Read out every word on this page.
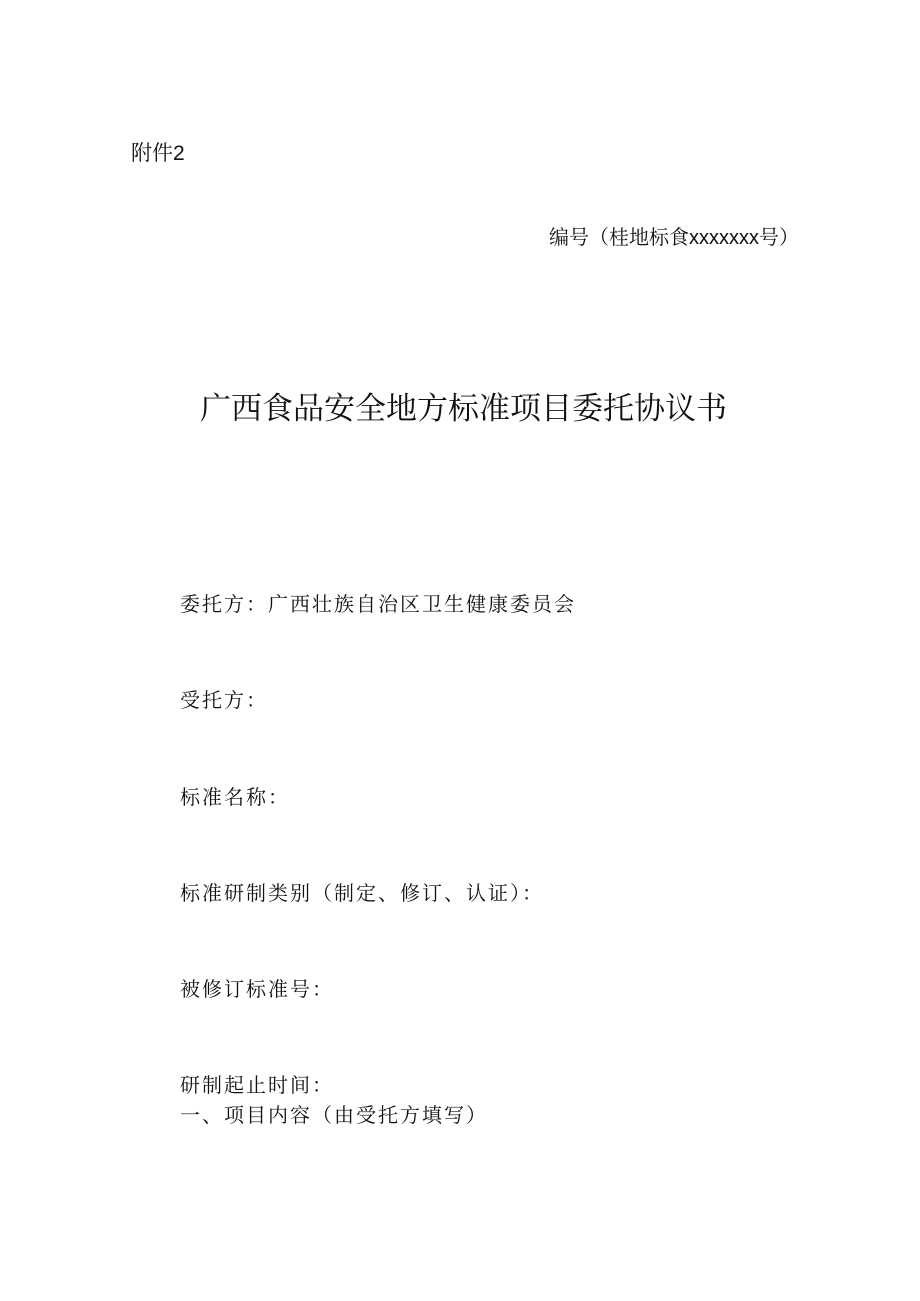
附件2
编号（桂地标食xxxxxxx号）
广西食品安全地方标准项目委托协议书
委托方：广西壮族自治区卫生健康委员会
受托方：
标准名称：
标准研制类别（制定、修订、认证）：
被修订标准号：
研制起止时间：
一、项目内容（由受托方填写）
